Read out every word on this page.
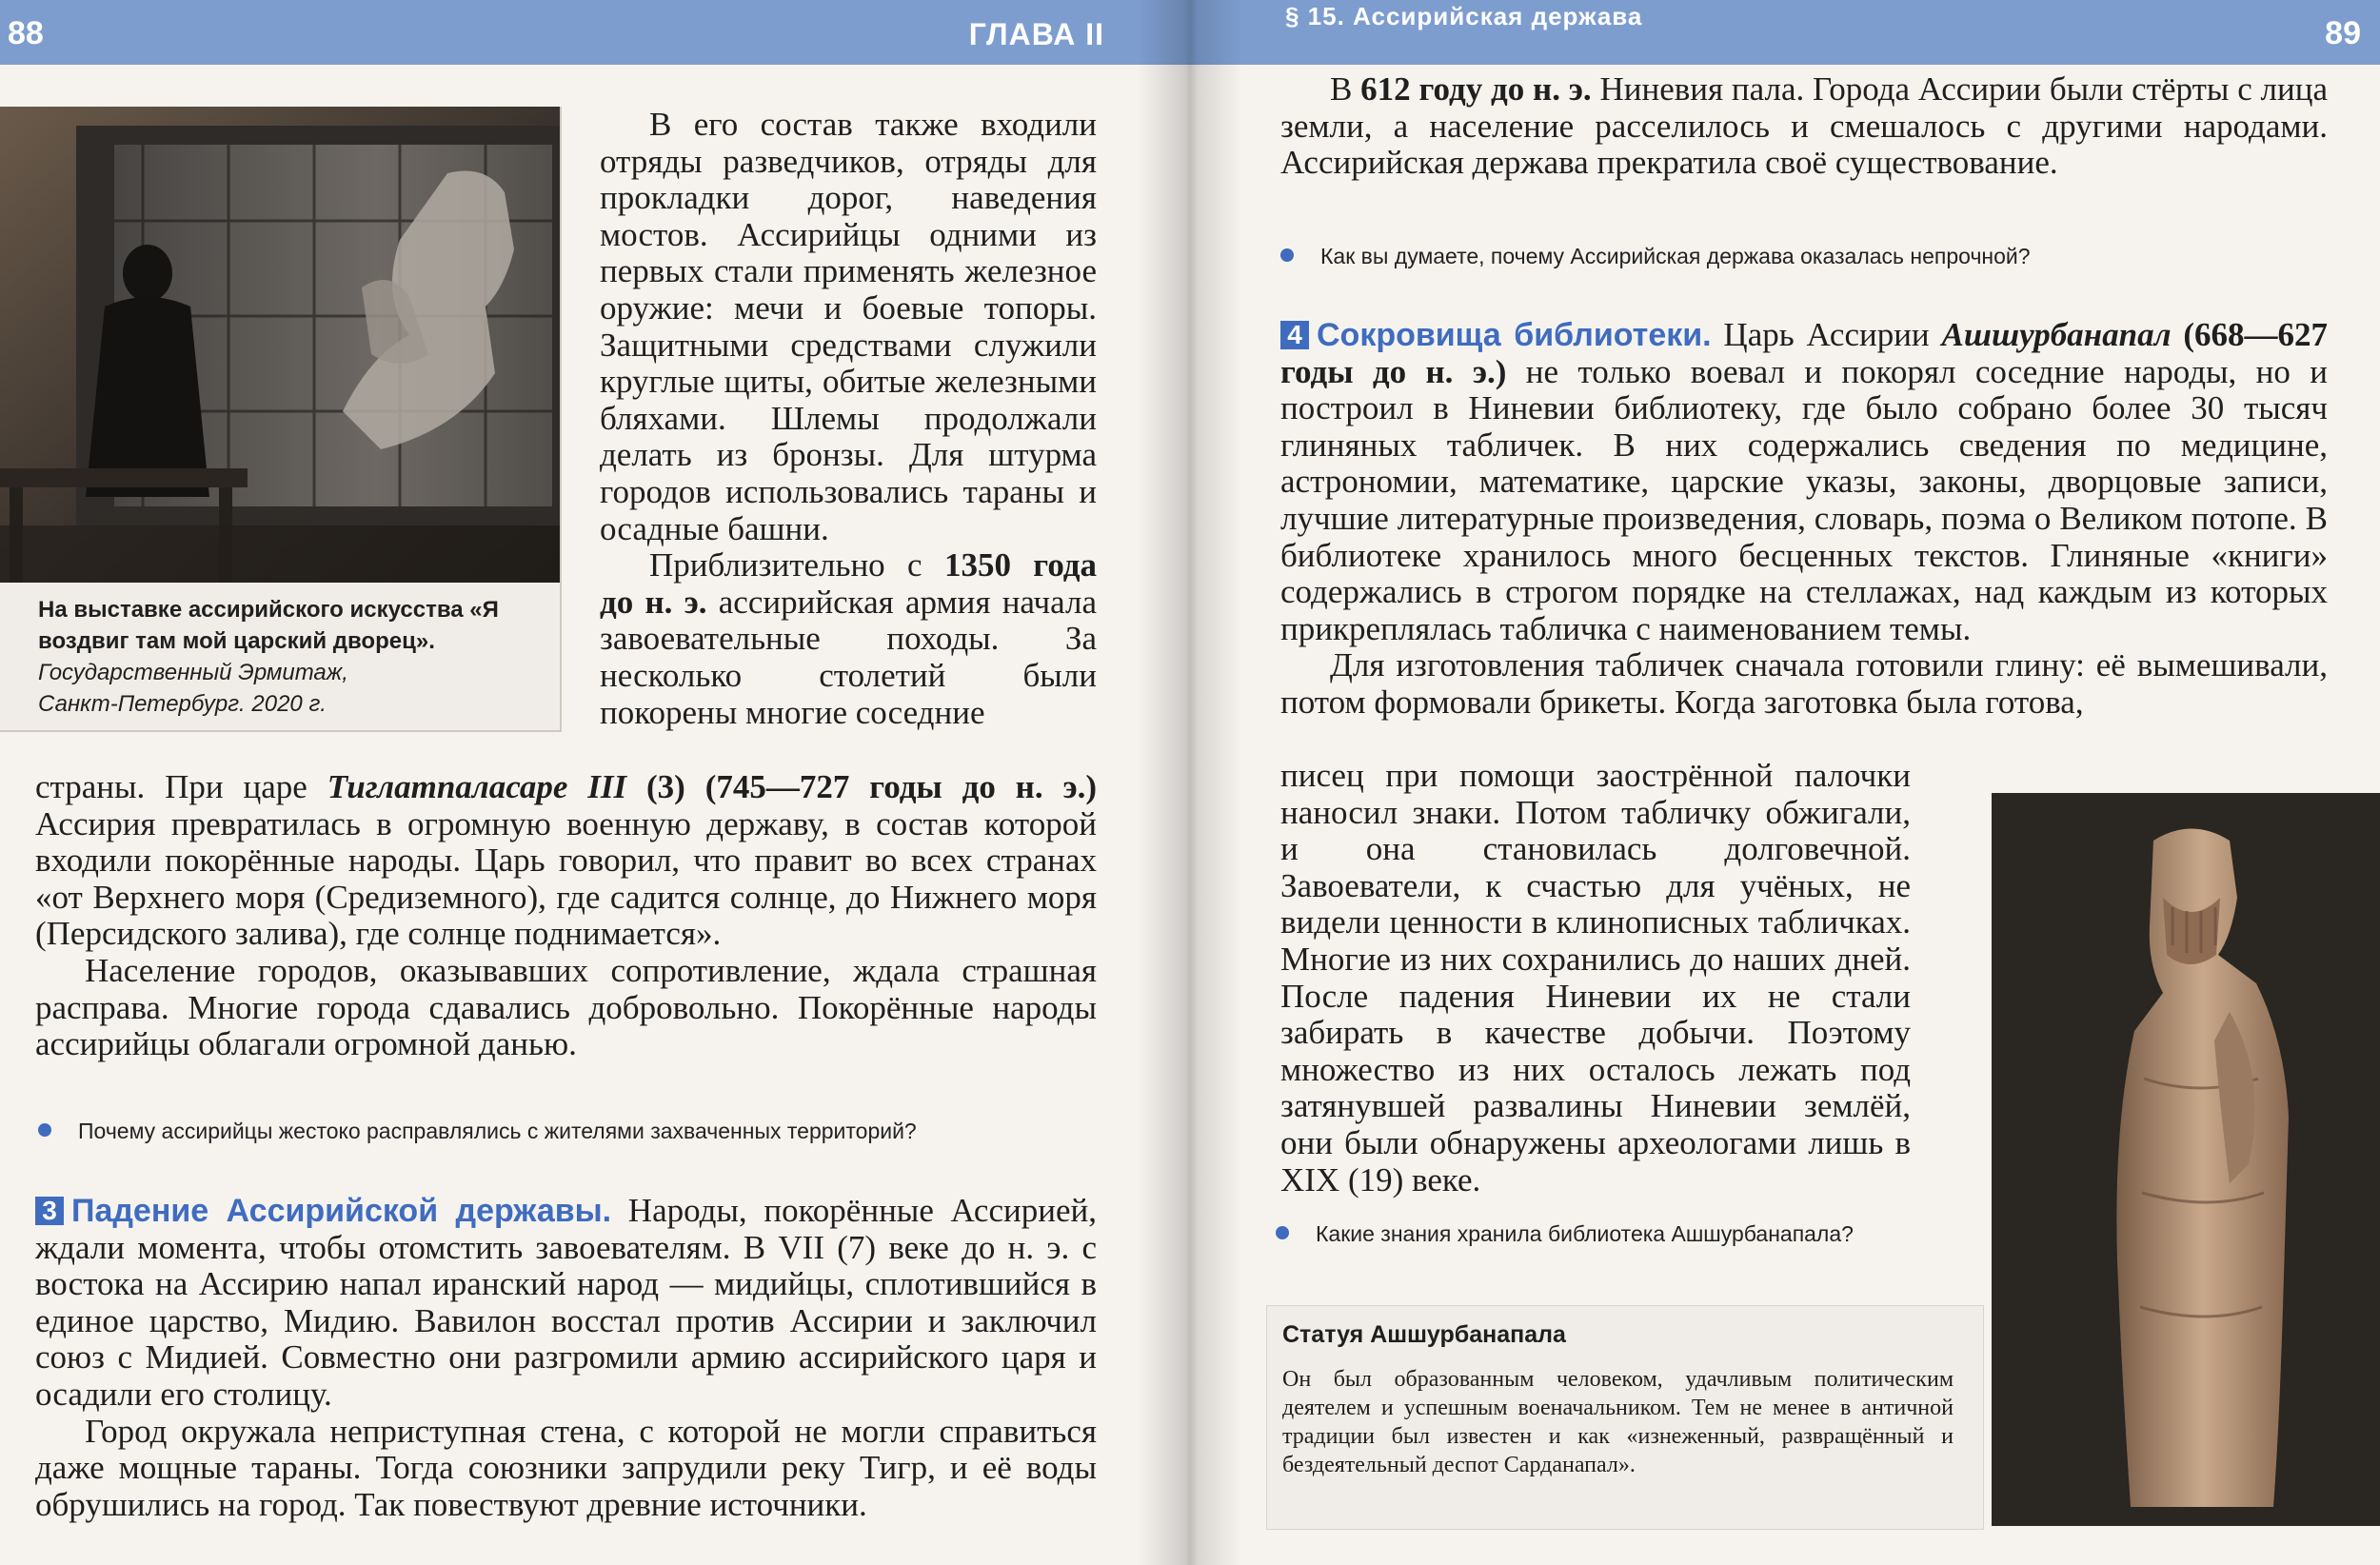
88	ГЛАВА II
На выставке ассирийского искусства «Я воздвиг там мой царский дворец».
Государственный Эрмитаж, Санкт-Петербург. 2020 г.
В его состав также входили отряды разведчиков, отряды для прокладки дорог, наведения мостов. Ассирийцы одними из первых стали применять железное оружие: мечи и боевые топоры. Защитными средствами служили круглые щиты, обитые железными бляхами. Шлемы продолжали делать из бронзы. Для штурма городов использовались тараны и осадные башни.
Приблизительно с 1350 года до н. э. ассирийская армия начала завоевательные походы. За несколько столетий были покорены многие соседние

страны. При царе Тиглатпаласаре III (3) (745—727 годы до н. э.) Ассирия превратилась в огромную военную державу, в состав которой входили покорённые народы. Царь говорил, что правит во всех странах «от Верхнего моря (Средиземного), где садится солнце, до Нижнего моря (Персидского залива), где солнце поднимается».

Население городов, оказывавших сопротивление, ждала страшная расправа. Многие города сдавались добровольно. Покорённые народы ассирийцы облагали огромной данью.

Почему ассирийцы жестоко расправлялись с жителями захваченных территорий?

3 Падение Ассирийской державы. Народы, покорённые Ассирией, ждали момента, чтобы отомстить завоевателям. В VII (7) веке до н. э. с востока на Ассирию напал иранский народ — мидийцы, сплотившийся в единое царство, Мидию. Вавилон восстал против Ассирии и заключил союз с Мидией. Совместно они разгромили армию ассирийского царя и осадили его столицу.

Город окружала неприступная стена, с которой не могли справиться даже мощные тараны. Тогда союзники запрудили реку Тигр, и её воды обрушились на город. Так повествуют древние источники.

§ 15. Ассирийская держава	89

В 612 году до н. э. Ниневия пала. Города Ассирии были стёрты с лица земли, а население расселилось и смешалось с другими народами. Ассирийская держава прекратила своё существование.

Как вы думаете, почему Ассирийская держава оказалась непрочной?

4 Сокровища библиотеки. Царь Ассирии Ашшурбанапал (668—627 годы до н. э.) не только воевал и покорял соседние народы, но и построил в Ниневии библиотеку, где было собрано более 30 тысяч глиняных табличек. В них содержались сведения по медицине, астрономии, математике, царские указы, законы, дворцовые записи, лучшие литературные произведения, словарь, поэма о Великом потопе. В библиотеке хранилось много бесценных текстов. Глиняные «книги» содержались в строгом порядке на стеллажах, над каждым из которых прикреплялась табличка с наименованием темы.

Для изготовления табличек сначала готовили глину: её вымешивали, потом формовали брикеты. Когда заготовка была готова,

писец при помощи заострённой палочки наносил знаки. Потом табличку обжигали, и она становилась долговечной. Завоеватели, к счастью для учёных, не видели ценности в клинописных табличках. Многие из них сохранились до наших дней. После падения Ниневии их не стали забирать в качестве добычи. Поэтому множество из них осталось лежать под затянувшей развалины Ниневии землёй, они были обнаружены археологами лишь в XIX (19) веке.

Какие знания хранила библиотека Ашшурбанапала?
Статуя Ашшурбанапала
Он был образованным человеком, удачливым политическим деятелем и успешным военачальником. Тем не менее в античной традиции был известен и как «изнеженный, развращённый и бездеятельный деспот Сарданапал».
